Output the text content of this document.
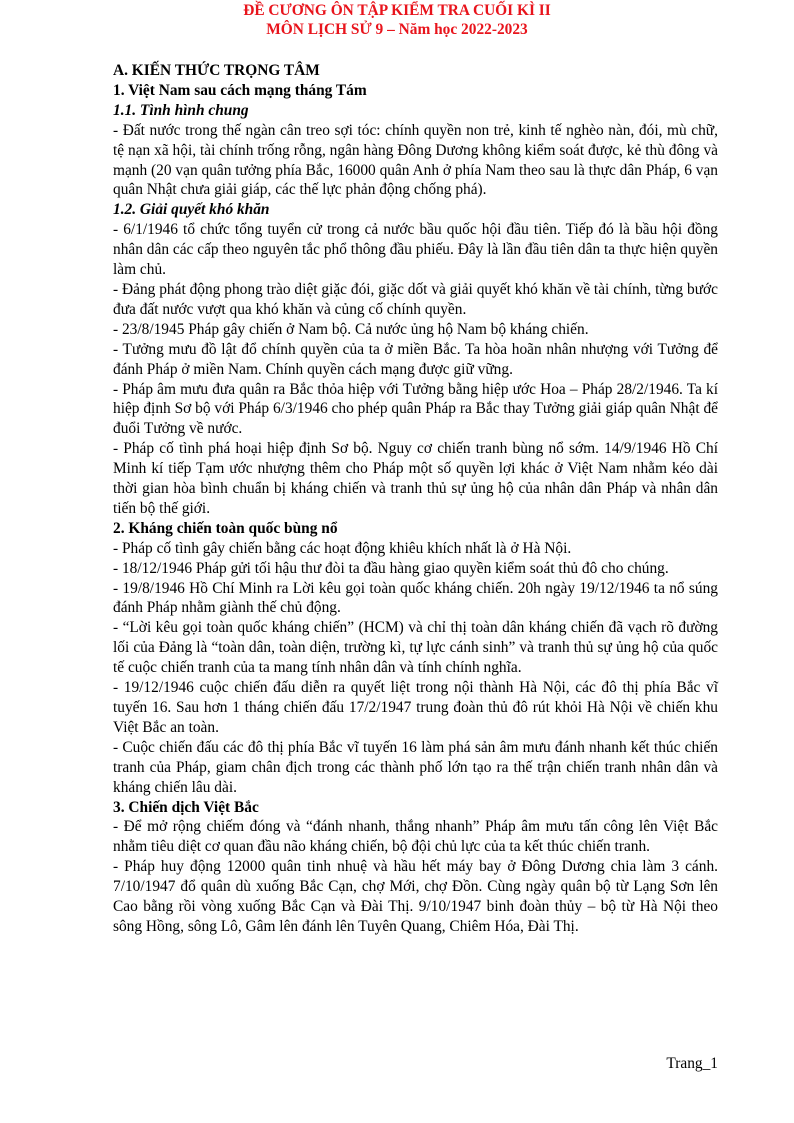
ĐỀ CƯƠNG ÔN TẬP KIỂM TRA CUỐI KÌ II
MÔN LỊCH SỬ 9 – Năm học 2022-2023

A. KIẾN THỨC TRỌNG TÂM

1. Việt Nam sau cách mạng tháng Tám

1.1. Tình hình chung

- Đất nước trong thế ngàn cân treo sợi tóc: chính quyền non trẻ, kinh tế nghèo nàn, đói, mù chữ, tệ nạn xã hội, tài chính trống rỗng, ngân hàng Đông Dương không kiểm soát được, kẻ thù đông và mạnh (20 vạn quân tưởng phía Bắc, 16000 quân Anh ở phía Nam theo sau là thực dân Pháp, 6 vạn quân Nhật chưa giải giáp, các thế lực phản động chống phá).

1.2. Giải quyết khó khăn

- 6/1/1946 tổ chức tổng tuyển cử trong cả nước bầu quốc hội đầu tiên. Tiếp đó là bầu hội đồng nhân dân các cấp theo nguyên tắc phổ thông đầu phiếu. Đây là lần đầu tiên dân ta thực hiện quyền làm chủ.

- Đảng phát động phong trào diệt giặc đói, giặc dốt và giải quyết khó khăn về tài chính, từng bước đưa đất nước vượt qua khó khăn và củng cố chính quyền.

- 23/8/1945 Pháp gây chiến ở Nam bộ. Cả nước ủng hộ Nam bộ kháng chiến.

- Tưởng mưu đồ lật đổ chính quyền của ta ở miền Bắc. Ta hòa hoãn nhân nhượng với Tưởng để đánh Pháp ở miền Nam. Chính quyền cách mạng được giữ vững.

- Pháp âm mưu đưa quân ra Bắc thỏa hiệp với Tưởng bằng hiệp ước Hoa – Pháp 28/2/1946. Ta kí hiệp định Sơ bộ với Pháp 6/3/1946 cho phép quân Pháp ra Bắc thay Tưởng giải giáp quân Nhật để đuổi Tưởng về nước.

- Pháp cố tình phá hoại hiệp định Sơ bộ. Nguy cơ chiến tranh bùng nổ sớm. 14/9/1946 Hồ Chí Minh kí tiếp Tạm ước nhượng thêm cho Pháp một số quyền lợi khác ở Việt Nam nhằm kéo dài thời gian hòa bình chuẩn bị kháng chiến và tranh thủ sự ủng hộ của nhân dân Pháp và nhân dân tiến bộ thế giới.

2. Kháng chiến toàn quốc bùng nổ

- Pháp cố tình gây chiến bằng các hoạt động khiêu khích nhất là ở Hà Nội.

- 18/12/1946 Pháp gửi tối hậu thư đòi ta đầu hàng giao quyền kiểm soát thủ đô cho chúng.

- 19/8/1946 Hồ Chí Minh ra Lời kêu gọi toàn quốc kháng chiến. 20h ngày 19/12/1946 ta nổ súng đánh Pháp nhằm giành thế chủ động.

- “Lời kêu gọi toàn quốc kháng chiến” (HCM) và chỉ thị toàn dân kháng chiến đã vạch rõ đường lối của Đảng là “toàn dân, toàn diện, trường kì, tự lực cánh sinh” và tranh thủ sự ủng hộ của quốc tế cuộc chiến tranh của ta mang tính nhân dân và tính chính nghĩa.

- 19/12/1946 cuộc chiến đấu diễn ra quyết liệt trong nội thành Hà Nội, các đô thị phía Bắc vĩ tuyến 16. Sau hơn 1 tháng chiến đấu 17/2/1947 trung đoàn thủ đô rút khỏi Hà Nội về chiến khu Việt Bắc an toàn.

- Cuộc chiến đấu các đô thị phía Bắc vĩ tuyến 16 làm phá sản âm mưu đánh nhanh kết thúc chiến tranh của Pháp, giam chân địch trong các thành phố lớn tạo ra thế trận chiến tranh nhân dân và kháng chiến lâu dài.

3. Chiến dịch Việt Bắc

- Để mở rộng chiếm đóng và “đánh nhanh, thắng nhanh” Pháp âm mưu tấn công lên Việt Bắc nhằm tiêu diệt cơ quan đầu não kháng chiến, bộ đội chủ lực của ta kết thúc chiến tranh.

- Pháp huy động 12000 quân tinh nhuệ và hầu hết máy bay ở Đông Dương chia làm 3 cánh. 7/10/1947 đổ quân dù xuống Bắc Cạn, chợ Mới, chợ Đồn. Cùng ngày quân bộ từ Lạng Sơn lên Cao bằng rồi vòng xuống Bắc Cạn và Đài Thị. 9/10/1947 binh đoàn thủy – bộ từ Hà Nội theo sông Hồng, sông Lô, Gâm lên đánh lên Tuyên Quang, Chiêm Hóa, Đài Thị.

Trang_1
